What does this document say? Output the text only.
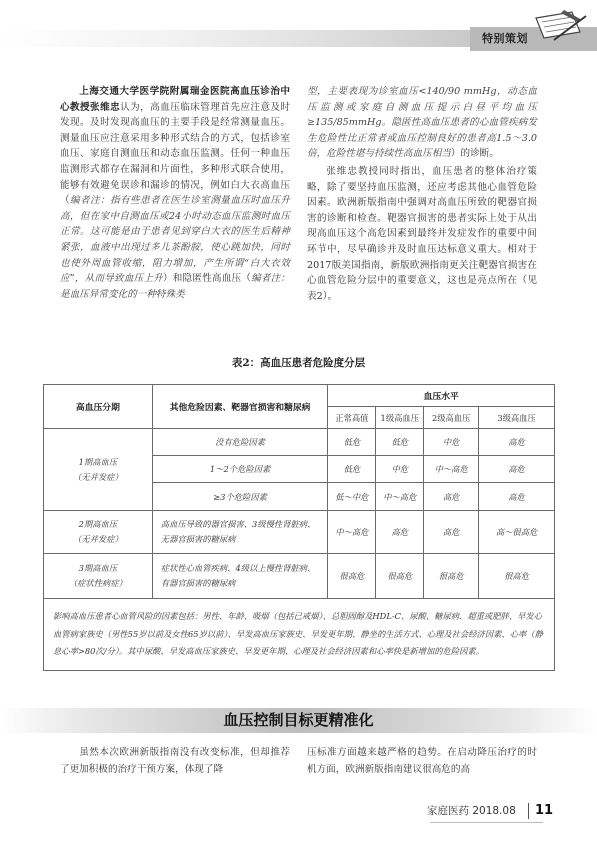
特别策划

上海交通大学医学院附属瑞金医院高血压诊治中心教授张维忠认为，高血压临床管理首先应注意及时发现。及时发现高血压的主要手段是经常测量血压。测量血压应注意采用多种形式结合的方式，包括诊室血压、家庭自测血压和动态血压监测。任何一种血压监测形式都存在漏洞和片面性，多种形式联合使用，能够有效避免误诊和漏诊的情况，例如白大衣高血压（编者注：指有些患者在医生诊室测量血压时血压升高，但在家中自测血压或24小时动态血压监测时血压正常。这可能是由于患者见到穿白大衣的医生后精神紧张，血液中出现过多儿茶酚胺，使心跳加快，同时也使外周血管收缩，阻力增加，产生所谓“白大衣效应”，从而导致血压上升）和隐匿性高血压（编者注：是血压异常变化的一种特殊类

型，主要表现为诊室血压<140/90 mmHg，动态血压监测或家庭自测血压提示白昼平均血压≥135/85mmHg。隐匿性高血压患者的心血管疾病发生危险性比正常者或血压控制良好的患者高1.5～3.0倍，危险性堪与持续性高血压相当）的诊断。

张维忠教授同时指出，血压患者的整体治疗策略，除了要坚持血压监测，还应考虑其他心血管危险因素。欧洲新版指南中强调对高血压所致的靶器官损害的诊断和检查。靶器官损害的患者实际上处于从出现高血压这个高危因素到最终并发症发作的重要中间环节中，尽早确诊并及时血压达标意义重大。相对于2017版美国指南，新版欧洲指南更关注靶器官损害在心血管危险分层中的重要意义，这也是亮点所在（见表2）。

表2：高血压患者危险度分层
高血压分期	其他危险因素、靶器官损害和糖尿病	血压水平			
		正常高值	1级高血压	2级高血压	3级高血压
1期高血压
（无并发症）	没有危险因素	低危	低危	中危	高危
	1～2个危险因素	低危	中危	中～高危	高危
	≥3个危险因素	低～中危	中～高危	高危	高危
2期高血压
（无并发症）	高血压导致的器官损害、3级慢性肾脏病、无器官损害的糖尿病	中～高危	高危	高危	高～很高危
3期高血压
（症状性病症）	症状性心血管疾病、4级以上慢性肾脏病、有器官损害的糖尿病	很高危	很高危	很高危	很高危
影响高血压患者心血管风险的因素包括：男性、年龄、吸烟（包括已戒烟）、总胆固醇及HDL-C、尿酸、糖尿病、超重或肥胖、早发心血管病家族史（男性55岁以前及女性65岁以前）、早发高血压家族史、早发更年期、静坐的生活方式、心理及社会经济因素、心率（静息心率>80次/分）。其中尿酸、早发高血压家族史、早发更年期、心理及社会经济因素和心率快是新增加的危险因素。					
血压控制目标更精准化

虽然本次欧洲新版指南没有改变标准，但却推荐了更加积极的治疗干预方案，体现了降

压标准方面越来越严格的趋势。在启动降压治疗的时机方面，欧洲新版指南建议很高危的高

家庭医药 2018.08 11
